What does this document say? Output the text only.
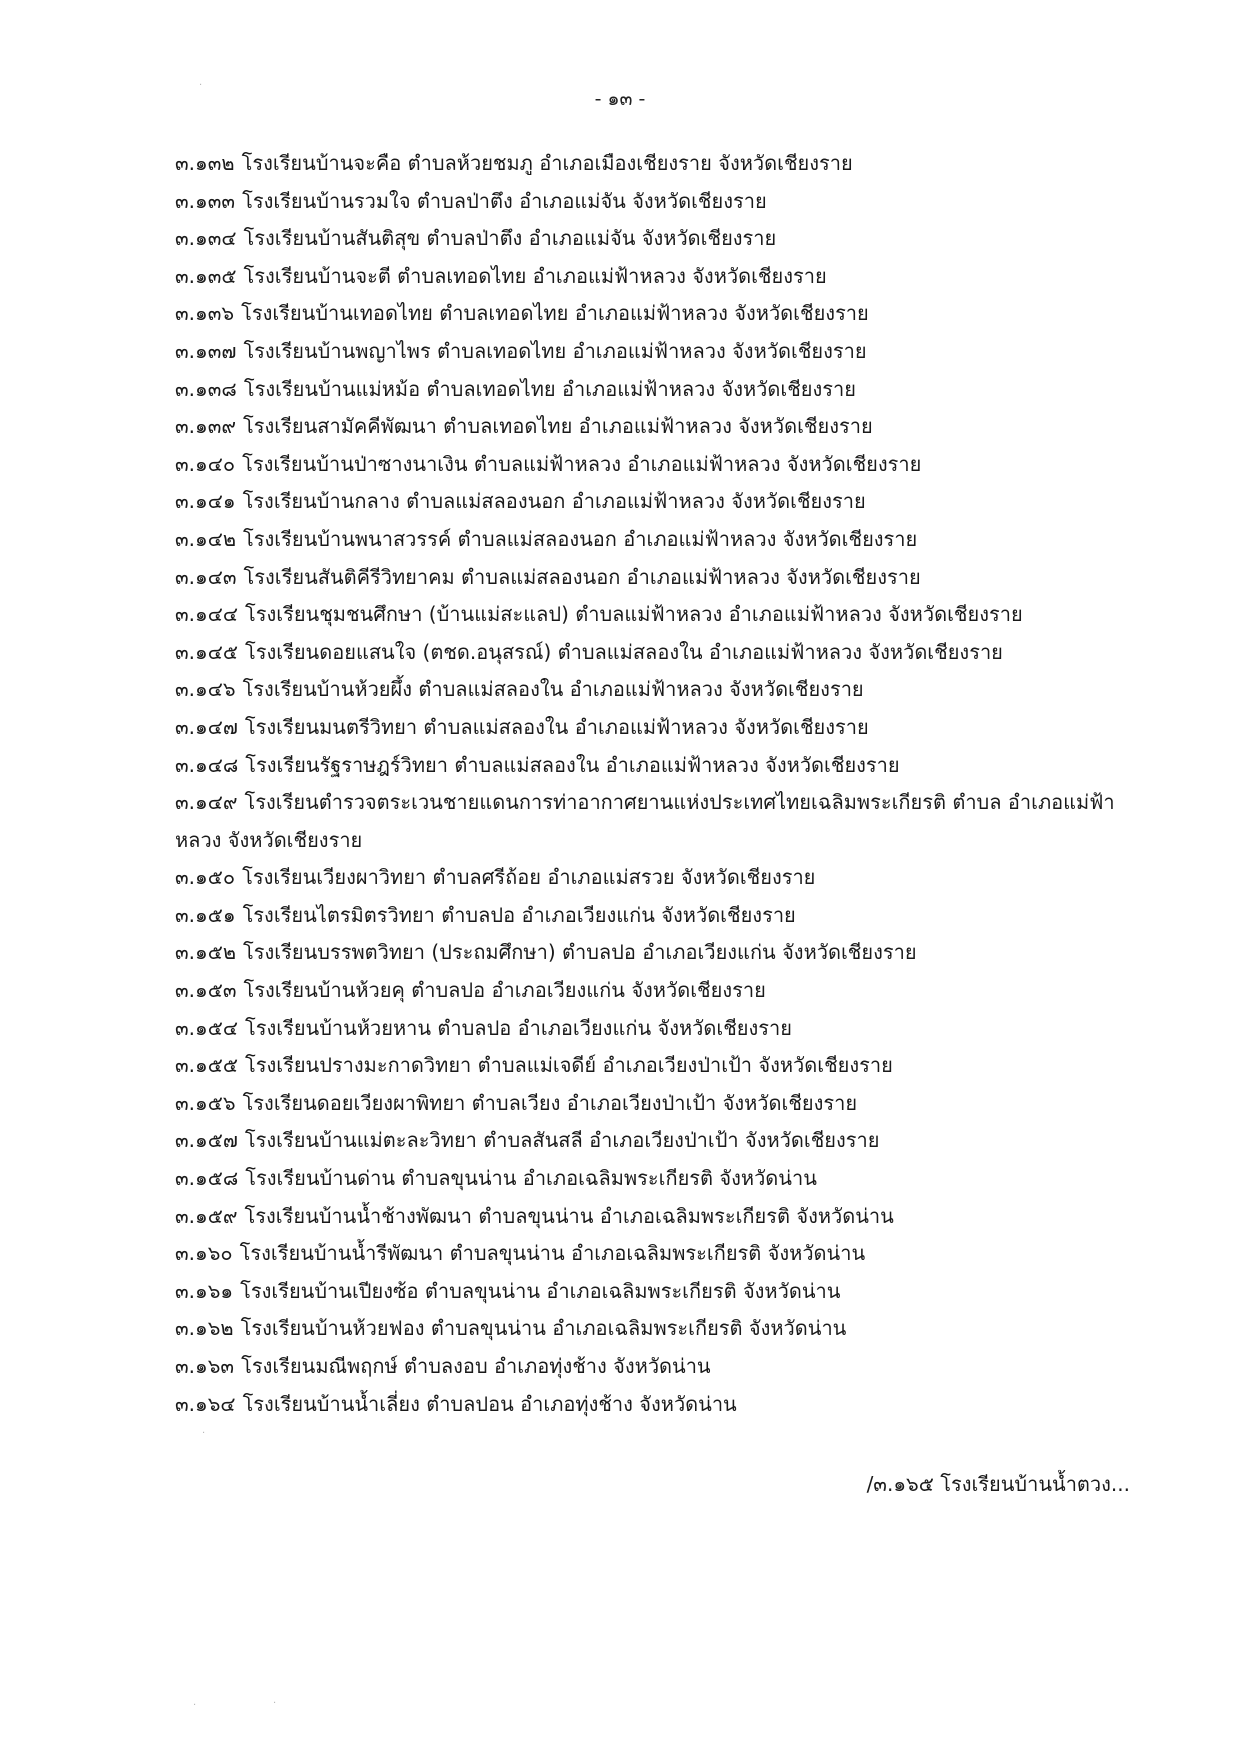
- ๑๓ -
๓.๑๓๒ โรงเรียนบ้านจะคือ ตำบลห้วยชมภู อำเภอเมืองเชียงราย จังหวัดเชียงราย
๓.๑๓๓ โรงเรียนบ้านรวมใจ ตำบลป่าตึง อำเภอแม่จัน จังหวัดเชียงราย
๓.๑๓๔ โรงเรียนบ้านสันติสุข ตำบลป่าตึง อำเภอแม่จัน จังหวัดเชียงราย
๓.๑๓๕ โรงเรียนบ้านจะตี ตำบลเทอดไทย อำเภอแม่ฟ้าหลวง จังหวัดเชียงราย
๓.๑๓๖ โรงเรียนบ้านเทอดไทย ตำบลเทอดไทย อำเภอแม่ฟ้าหลวง จังหวัดเชียงราย
๓.๑๓๗ โรงเรียนบ้านพญาไพร ตำบลเทอดไทย อำเภอแม่ฟ้าหลวง จังหวัดเชียงราย
๓.๑๓๘ โรงเรียนบ้านแม่หม้อ ตำบลเทอดไทย อำเภอแม่ฟ้าหลวง จังหวัดเชียงราย
๓.๑๓๙ โรงเรียนสามัคคีพัฒนา ตำบลเทอดไทย อำเภอแม่ฟ้าหลวง จังหวัดเชียงราย
๓.๑๔๐ โรงเรียนบ้านป่าซางนาเงิน ตำบลแม่ฟ้าหลวง อำเภอแม่ฟ้าหลวง จังหวัดเชียงราย
๓.๑๔๑ โรงเรียนบ้านกลาง ตำบลแม่สลองนอก อำเภอแม่ฟ้าหลวง จังหวัดเชียงราย
๓.๑๔๒ โรงเรียนบ้านพนาสวรรค์ ตำบลแม่สลองนอก อำเภอแม่ฟ้าหลวง จังหวัดเชียงราย
๓.๑๔๓ โรงเรียนสันติคีรีวิทยาคม ตำบลแม่สลองนอก อำเภอแม่ฟ้าหลวง จังหวัดเชียงราย
๓.๑๔๔ โรงเรียนชุมชนศึกษา (บ้านแม่สะแลป) ตำบลแม่ฟ้าหลวง อำเภอแม่ฟ้าหลวง จังหวัดเชียงราย
๓.๑๔๕ โรงเรียนดอยแสนใจ (ตชด.อนุสรณ์) ตำบลแม่สลองใน อำเภอแม่ฟ้าหลวง จังหวัดเชียงราย
๓.๑๔๖ โรงเรียนบ้านห้วยผึ้ง ตำบลแม่สลองใน อำเภอแม่ฟ้าหลวง จังหวัดเชียงราย
๓.๑๔๗ โรงเรียนมนตรีวิทยา ตำบลแม่สลองใน อำเภอแม่ฟ้าหลวง จังหวัดเชียงราย
๓.๑๔๘ โรงเรียนรัฐราษฎร์วิทยา ตำบลแม่สลองใน อำเภอแม่ฟ้าหลวง จังหวัดเชียงราย
๓.๑๔๙ โรงเรียนตำรวจตระเวนชายแดนการท่าอากาศยานแห่งประเทศไทยเฉลิมพระเกียรติ ตำบล อำเภอแม่ฟ้าหลวง จังหวัดเชียงราย
๓.๑๕๐ โรงเรียนเวียงผาวิทยา ตำบลศรีถ้อย อำเภอแม่สรวย จังหวัดเชียงราย
๓.๑๕๑ โรงเรียนไตรมิตรวิทยา ตำบลปอ อำเภอเวียงแก่น จังหวัดเชียงราย
๓.๑๕๒ โรงเรียนบรรพตวิทยา (ประถมศึกษา) ตำบลปอ อำเภอเวียงแก่น จังหวัดเชียงราย
๓.๑๕๓ โรงเรียนบ้านห้วยคุ ตำบลปอ อำเภอเวียงแก่น จังหวัดเชียงราย
๓.๑๕๔ โรงเรียนบ้านห้วยหาน ตำบลปอ อำเภอเวียงแก่น จังหวัดเชียงราย
๓.๑๕๕ โรงเรียนปรางมะกาดวิทยา ตำบลแม่เจดีย์ อำเภอเวียงป่าเป้า จังหวัดเชียงราย
๓.๑๕๖ โรงเรียนดอยเวียงผาพิทยา ตำบลเวียง อำเภอเวียงป่าเป้า จังหวัดเชียงราย
๓.๑๕๗ โรงเรียนบ้านแม่ตะละวิทยา ตำบลสันสลี อำเภอเวียงป่าเป้า จังหวัดเชียงราย
๓.๑๕๘ โรงเรียนบ้านด่าน ตำบลขุนน่าน อำเภอเฉลิมพระเกียรติ จังหวัดน่าน
๓.๑๕๙ โรงเรียนบ้านน้ำช้างพัฒนา ตำบลขุนน่าน อำเภอเฉลิมพระเกียรติ จังหวัดน่าน
๓.๑๖๐ โรงเรียนบ้านน้ำรีพัฒนา ตำบลขุนน่าน อำเภอเฉลิมพระเกียรติ จังหวัดน่าน
๓.๑๖๑ โรงเรียนบ้านเปียงซ้อ ตำบลขุนน่าน อำเภอเฉลิมพระเกียรติ จังหวัดน่าน
๓.๑๖๒ โรงเรียนบ้านห้วยฟอง ตำบลขุนน่าน อำเภอเฉลิมพระเกียรติ จังหวัดน่าน
๓.๑๖๓ โรงเรียนมณีพฤกษ์ ตำบลงอบ อำเภอทุ่งช้าง จังหวัดน่าน
๓.๑๖๔ โรงเรียนบ้านน้ำเลี่ยง ตำบลปอน อำเภอทุ่งช้าง จังหวัดน่าน
/๓.๑๖๕ โรงเรียนบ้านน้ำตวง...
·
·
·	·
